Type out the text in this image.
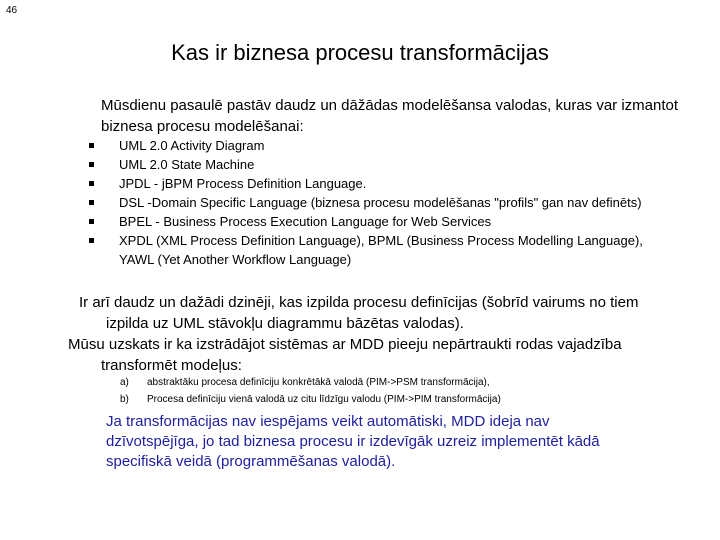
46
Kas ir biznesa procesu transformācijas
Mūsdienu pasaulē pastāv daudz un dāžādas modelēšansa valodas, kuras var izmantot biznesa procesu modelēšanai:
UML 2.0 Activity Diagram
UML 2.0 State Machine
JPDL - jBPM Process Definition Language.
DSL -Domain Specific Language (biznesa procesu modelēšanas "profils" gan nav definēts)
BPEL - Business Process Execution Language for Web Services
XPDL (XML Process Definition Language), BPML (Business Process Modelling Language), YAWL (Yet Another Workflow Language)
Ir arī daudz un dažādi dzinēji, kas izpilda procesu definīcijas (šobrīd vairums no tiem izpilda uz UML stāvokļu diagrammu bāzētas valodas).
Mūsu uzskats ir ka izstrādājot sistēmas ar MDD pieeju nepārtraukti rodas vajadzība
transformēt modeļus:
a)	abstraktāku procesa definīciju konkrētākā valodā (PIM->PSM transformācija),
b)	Procesa definīciju vienā valodā uz citu līdzīgu valodu (PIM->PIM transformācija)
Ja transformācijas nav iespējams veikt automātiski, MDD ideja nav dzīvotspējīga, jo tad biznesa procesu ir izdevīgāk uzreiz implementēt kādā specifiskā veidā (programmēšanas valodā).
